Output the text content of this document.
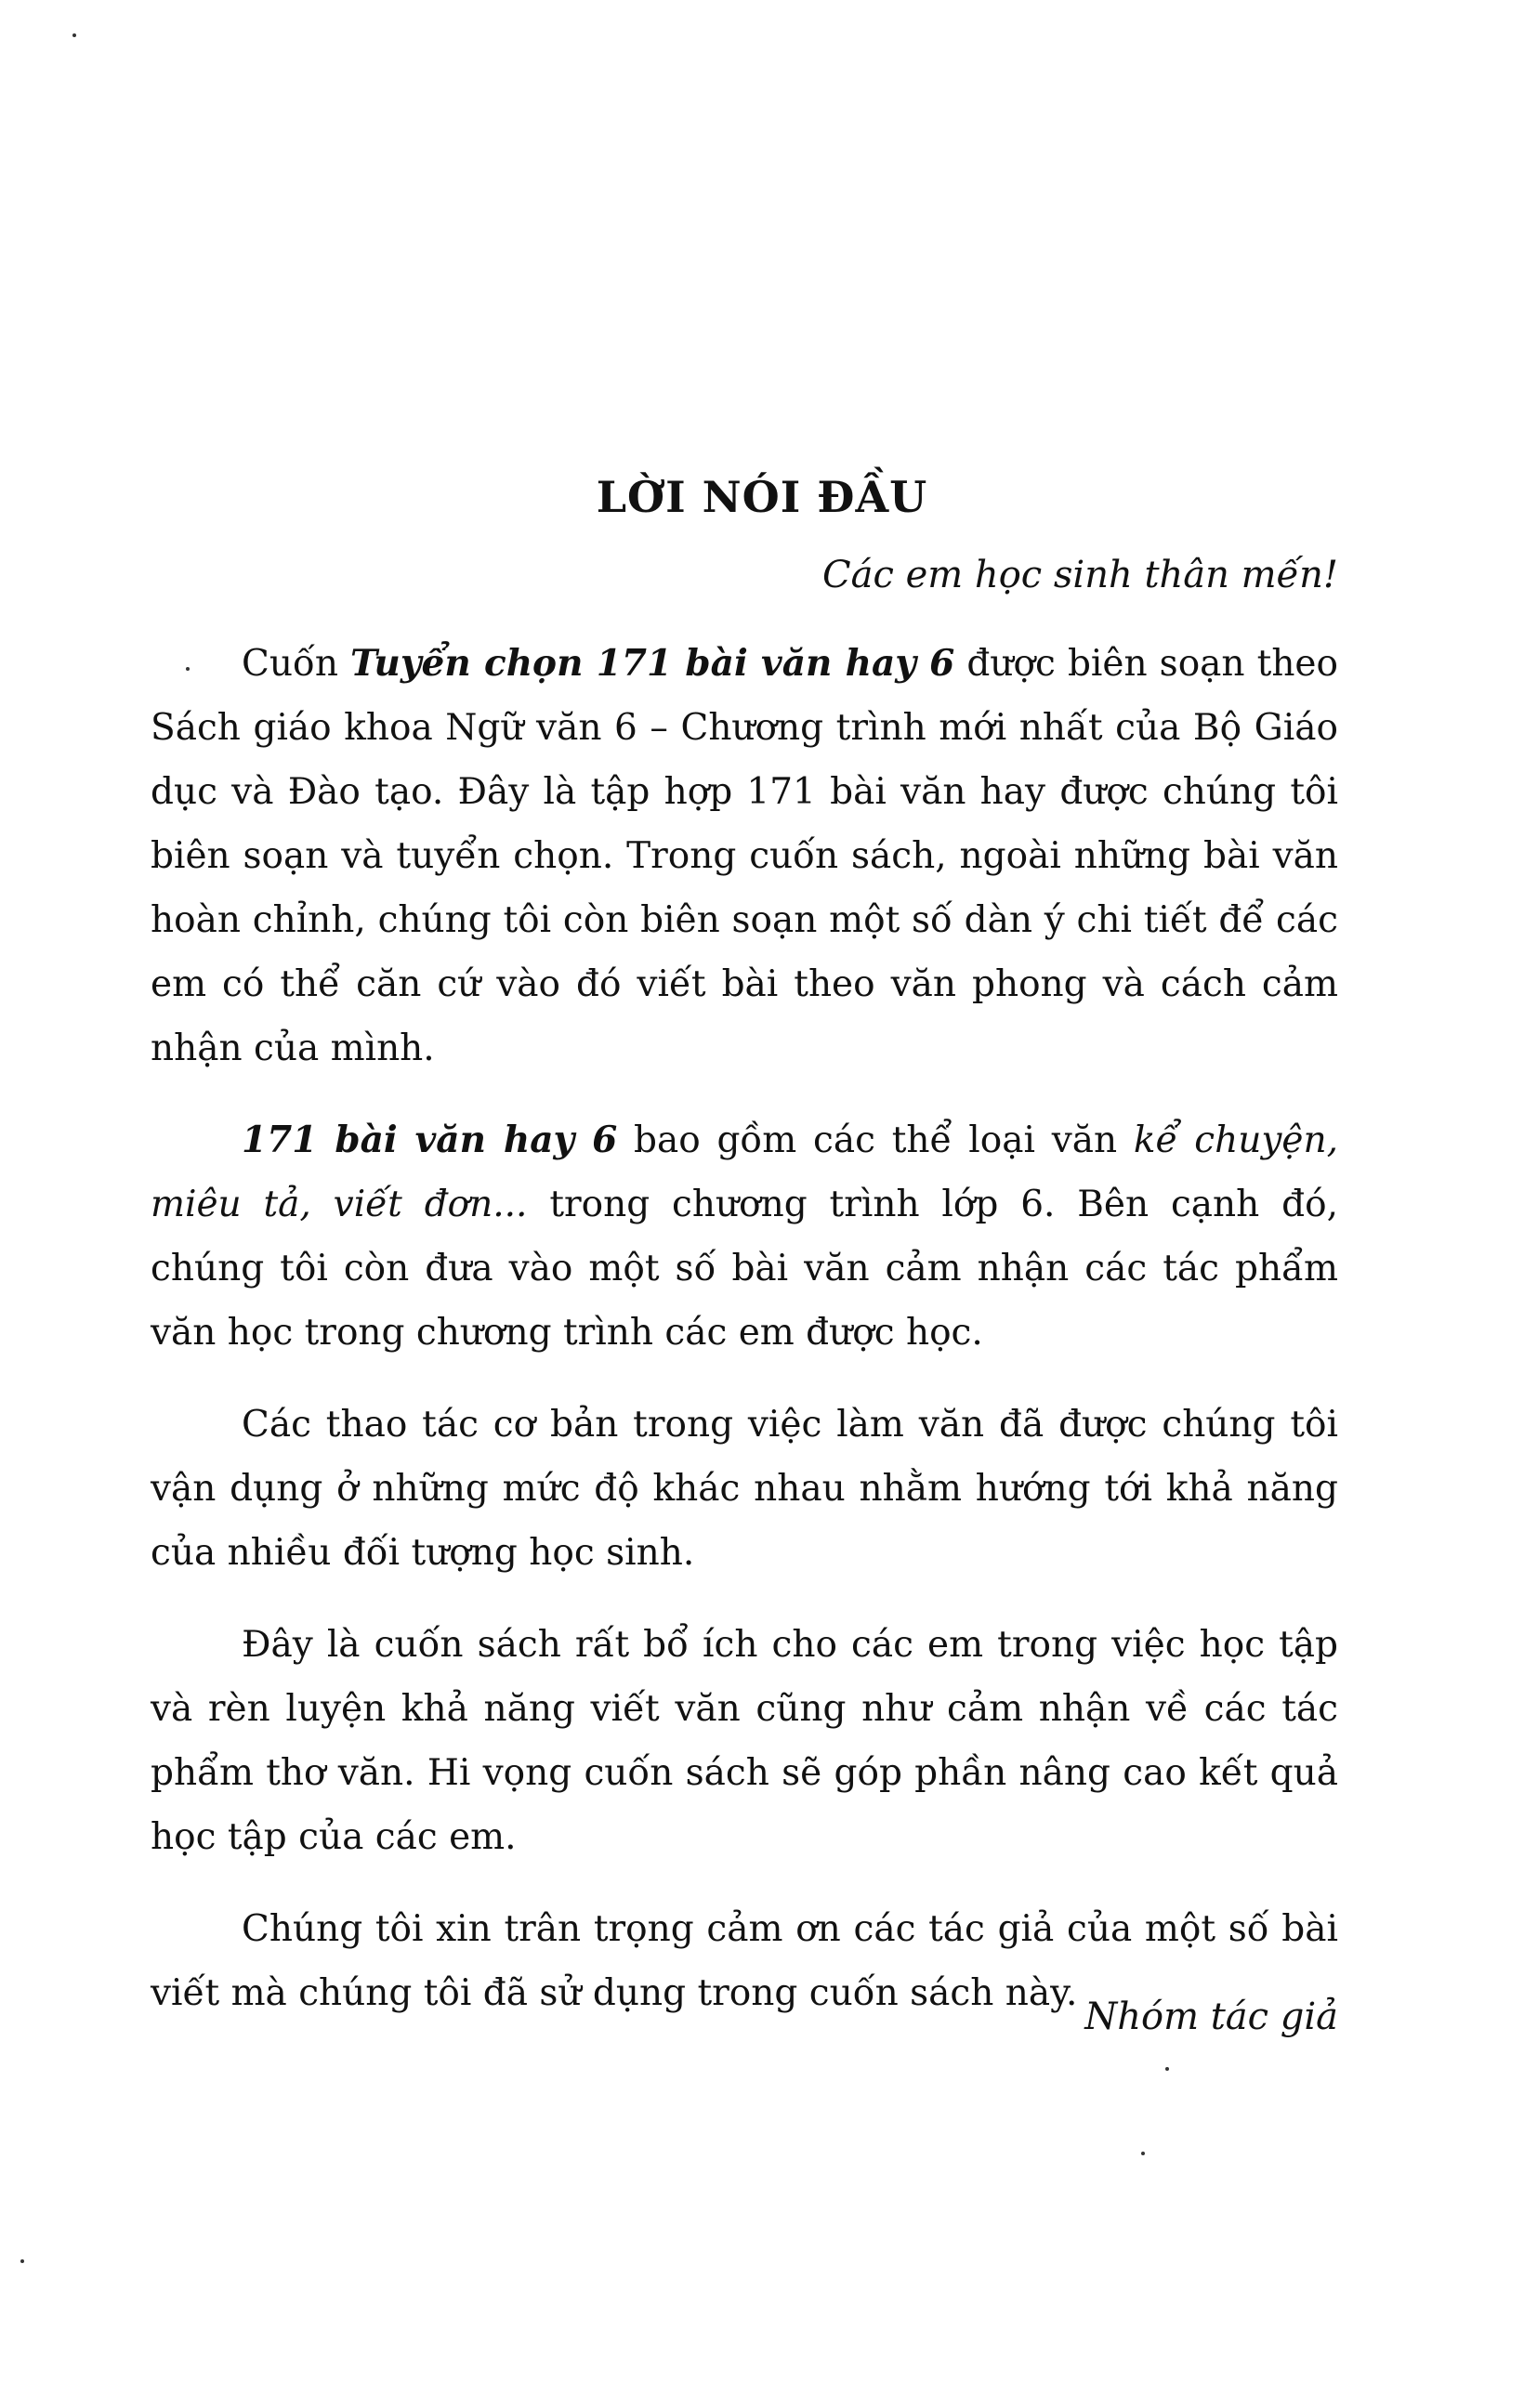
LỜI NÓI ĐẦU
Các em học sinh thân mến!

Cuốn Tuyển chọn 171 bài văn hay 6 được biên soạn theo Sách giáo khoa Ngữ văn 6 – Chương trình mới nhất của Bộ Giáo dục và Đào tạo. Đây là tập hợp 171 bài văn hay được chúng tôi biên soạn và tuyển chọn. Trong cuốn sách, ngoài những bài văn hoàn chỉnh, chúng tôi còn biên soạn một số dàn ý chi tiết để các em có thể căn cứ vào đó viết bài theo văn phong và cách cảm nhận của mình.

171 bài văn hay 6 bao gồm các thể loại văn kể chuyện, miêu tả, viết đơn... trong chương trình lớp 6. Bên cạnh đó, chúng tôi còn đưa vào một số bài văn cảm nhận các tác phẩm văn học trong chương trình các em được học.

Các thao tác cơ bản trong việc làm văn đã được chúng tôi vận dụng ở những mức độ khác nhau nhằm hướng tới khả năng của nhiều đối tượng học sinh.

Đây là cuốn sách rất bổ ích cho các em trong việc học tập và rèn luyện khả năng viết văn cũng như cảm nhận về các tác phẩm thơ văn. Hi vọng cuốn sách sẽ góp phần nâng cao kết quả học tập của các em.

Chúng tôi xin trân trọng cảm ơn các tác giả của một số bài viết mà chúng tôi đã sử dụng trong cuốn sách này.

Nhóm tác giả
